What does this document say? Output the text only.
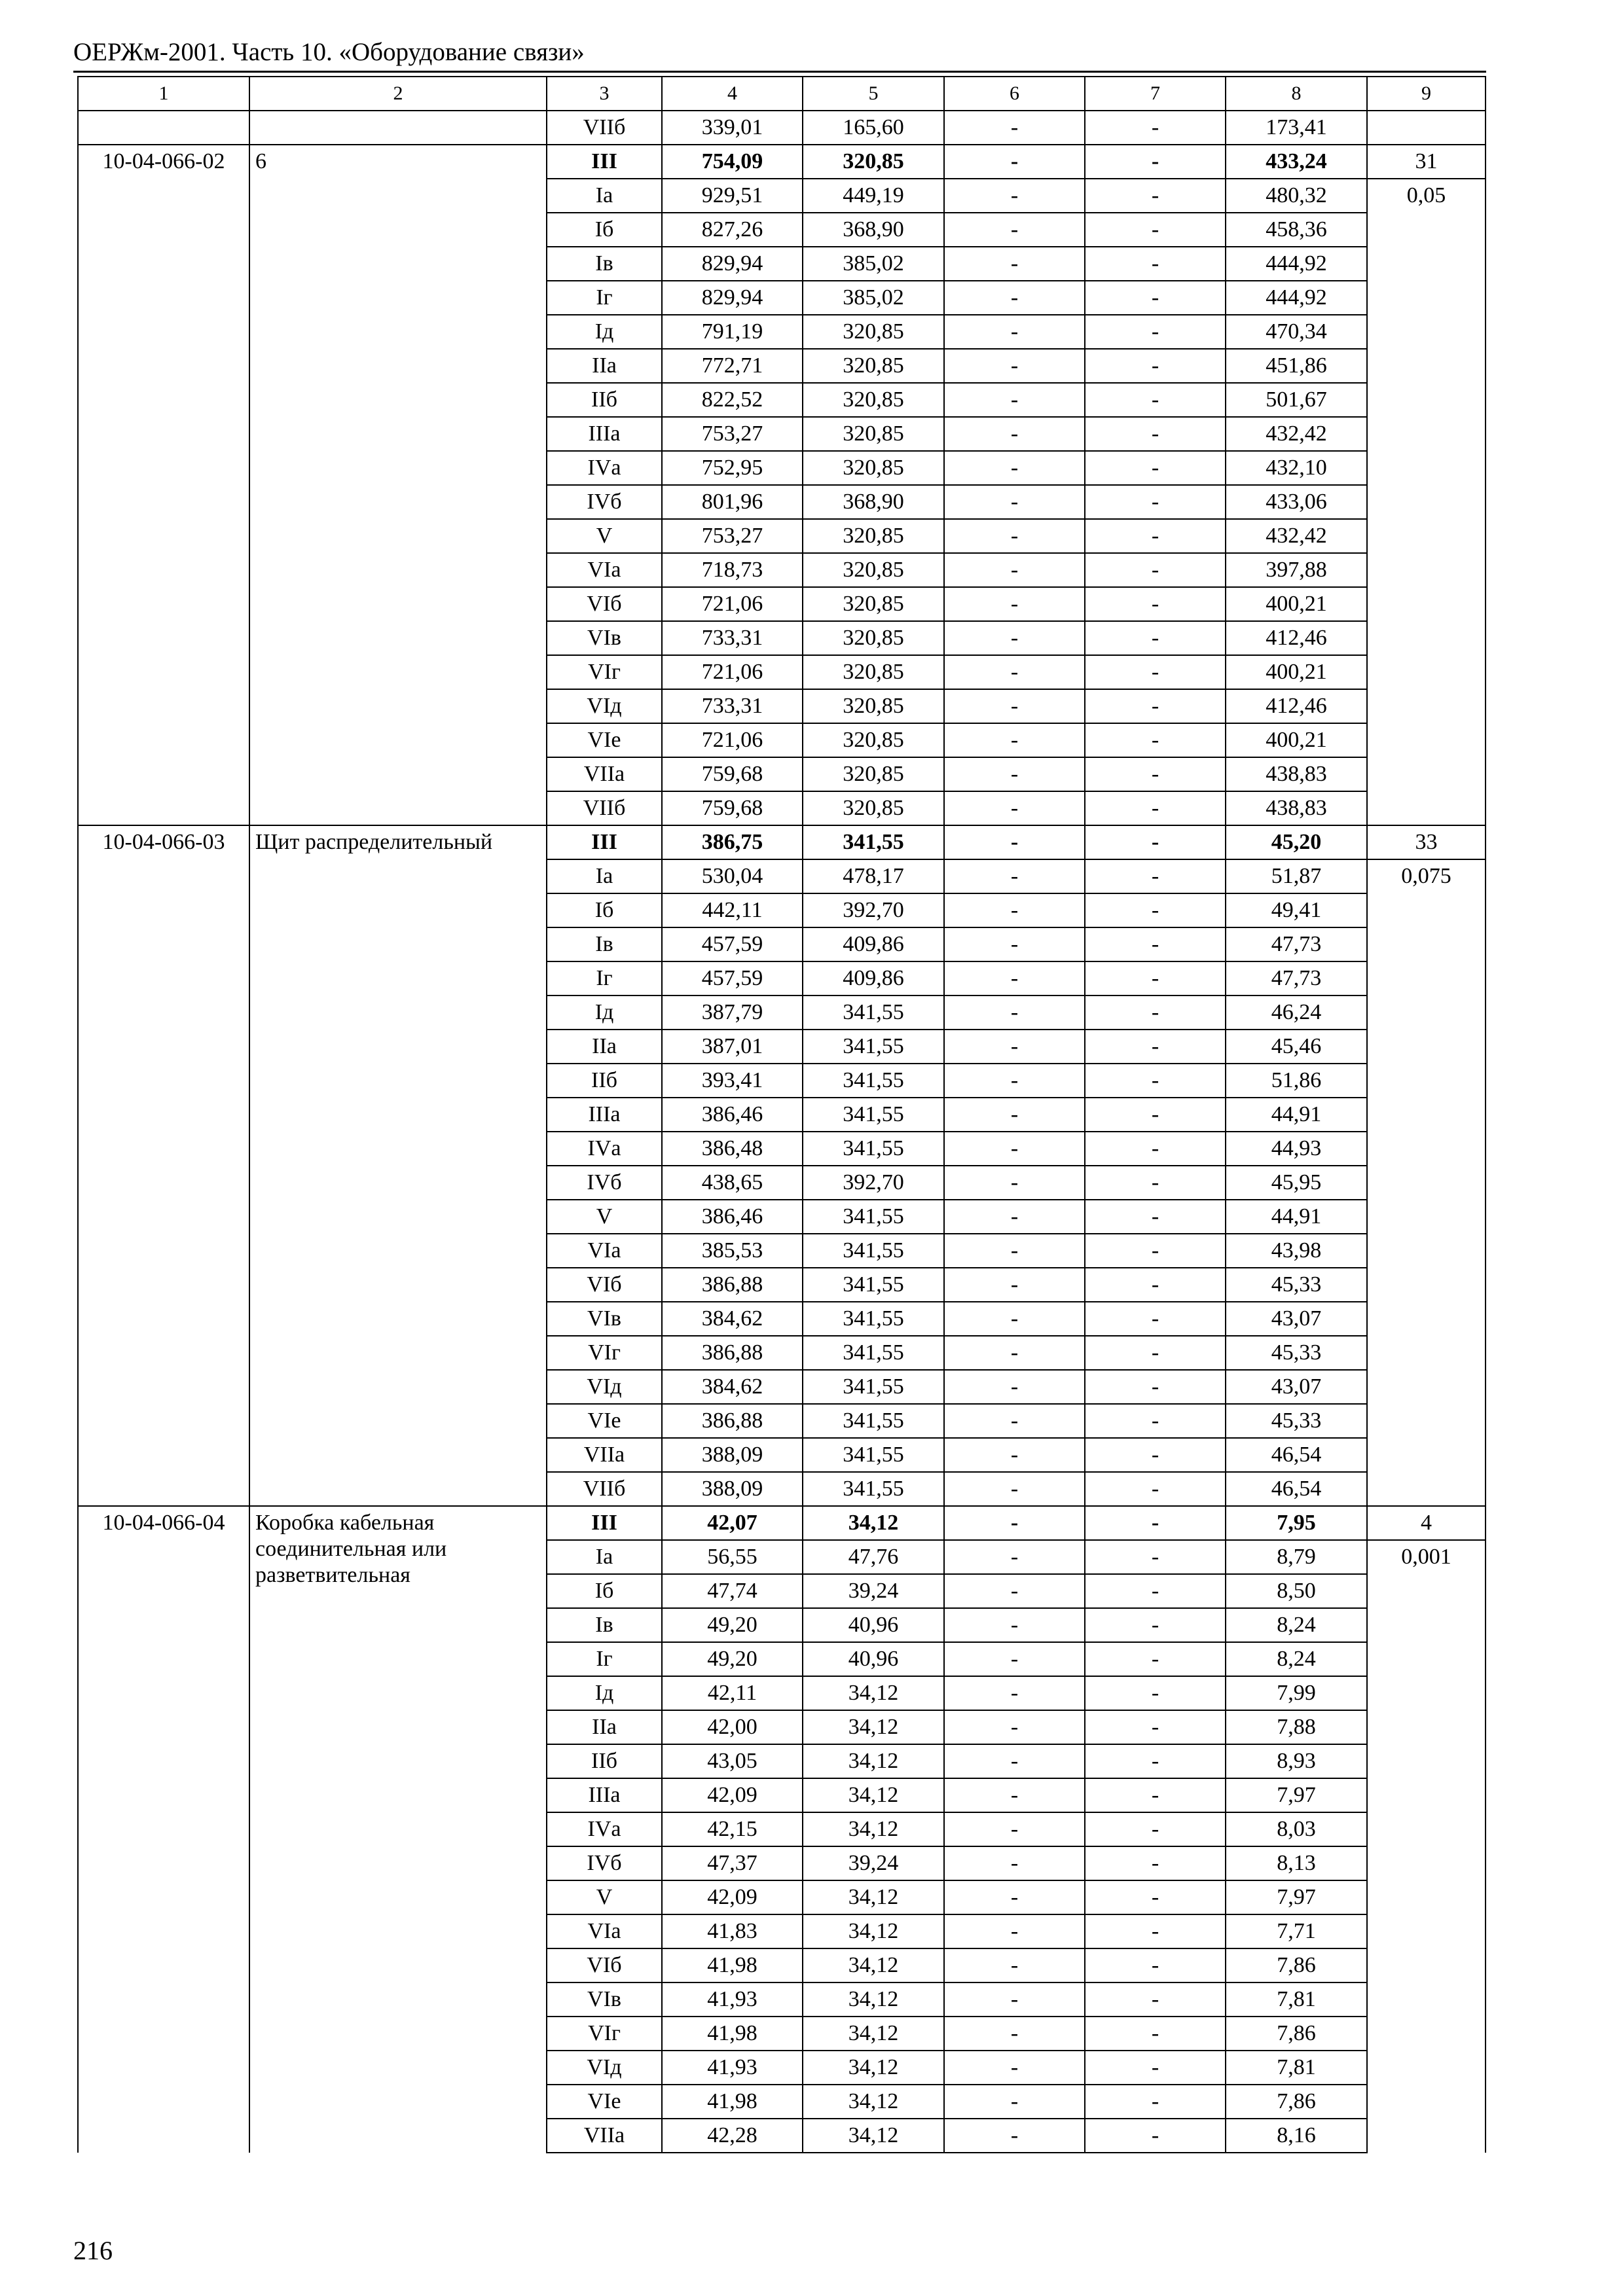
ОЕРЖм-2001. Часть 10. «Оборудование связи»
1	2	3	4	5	6	7	8	9
		VIIб	339,01	165,60	-	-	173,41	
10-04-066-02	6	III	754,09	320,85	-	-	433,24	31
		Iа	929,51	449,19	-	-	480,32	0,05
		Iб	827,26	368,90	-	-	458,36	
		Iв	829,94	385,02	-	-	444,92	
		Iг	829,94	385,02	-	-	444,92	
		Iд	791,19	320,85	-	-	470,34	
		IIа	772,71	320,85	-	-	451,86	
		IIб	822,52	320,85	-	-	501,67	
		IIIа	753,27	320,85	-	-	432,42	
		IVа	752,95	320,85	-	-	432,10	
		IVб	801,96	368,90	-	-	433,06	
		V	753,27	320,85	-	-	432,42	
		VIа	718,73	320,85	-	-	397,88	
		VIб	721,06	320,85	-	-	400,21	
		VIв	733,31	320,85	-	-	412,46	
		VIг	721,06	320,85	-	-	400,21	
		VIд	733,31	320,85	-	-	412,46	
		VIе	721,06	320,85	-	-	400,21	
		VIIа	759,68	320,85	-	-	438,83	
		VIIб	759,68	320,85	-	-	438,83	
10-04-066-03	Щит распределительный	III	386,75	341,55	-	-	45,20	33
		Iа	530,04	478,17	-	-	51,87	0,075
		Iб	442,11	392,70	-	-	49,41	
		Iв	457,59	409,86	-	-	47,73	
		Iг	457,59	409,86	-	-	47,73	
		Iд	387,79	341,55	-	-	46,24	
		IIа	387,01	341,55	-	-	45,46	
		IIб	393,41	341,55	-	-	51,86	
		IIIа	386,46	341,55	-	-	44,91	
		IVа	386,48	341,55	-	-	44,93	
		IVб	438,65	392,70	-	-	45,95	
		V	386,46	341,55	-	-	44,91	
		VIа	385,53	341,55	-	-	43,98	
		VIб	386,88	341,55	-	-	45,33	
		VIв	384,62	341,55	-	-	43,07	
		VIг	386,88	341,55	-	-	45,33	
		VIд	384,62	341,55	-	-	43,07	
		VIе	386,88	341,55	-	-	45,33	
		VIIа	388,09	341,55	-	-	46,54	
		VIIб	388,09	341,55	-	-	46,54	
10-04-066-04	Коробка кабельная соединительная или разветвительная	III	42,07	34,12	-	-	7,95	4
		Iа	56,55	47,76	-	-	8,79	0,001
		Iб	47,74	39,24	-	-	8,50	
		Iв	49,20	40,96	-	-	8,24	
		Iг	49,20	40,96	-	-	8,24	
		Iд	42,11	34,12	-	-	7,99	
		IIа	42,00	34,12	-	-	7,88	
		IIб	43,05	34,12	-	-	8,93	
		IIIа	42,09	34,12	-	-	7,97	
		IVа	42,15	34,12	-	-	8,03	
		IVб	47,37	39,24	-	-	8,13	
		V	42,09	34,12	-	-	7,97	
		VIа	41,83	34,12	-	-	7,71	
		VIб	41,98	34,12	-	-	7,86	
		VIв	41,93	34,12	-	-	7,81	
		VIг	41,98	34,12	-	-	7,86	
		VIд	41,93	34,12	-	-	7,81	
		VIе	41,98	34,12	-	-	7,86	
		VIIа	42,28	34,12	-	-	8,16	
216
